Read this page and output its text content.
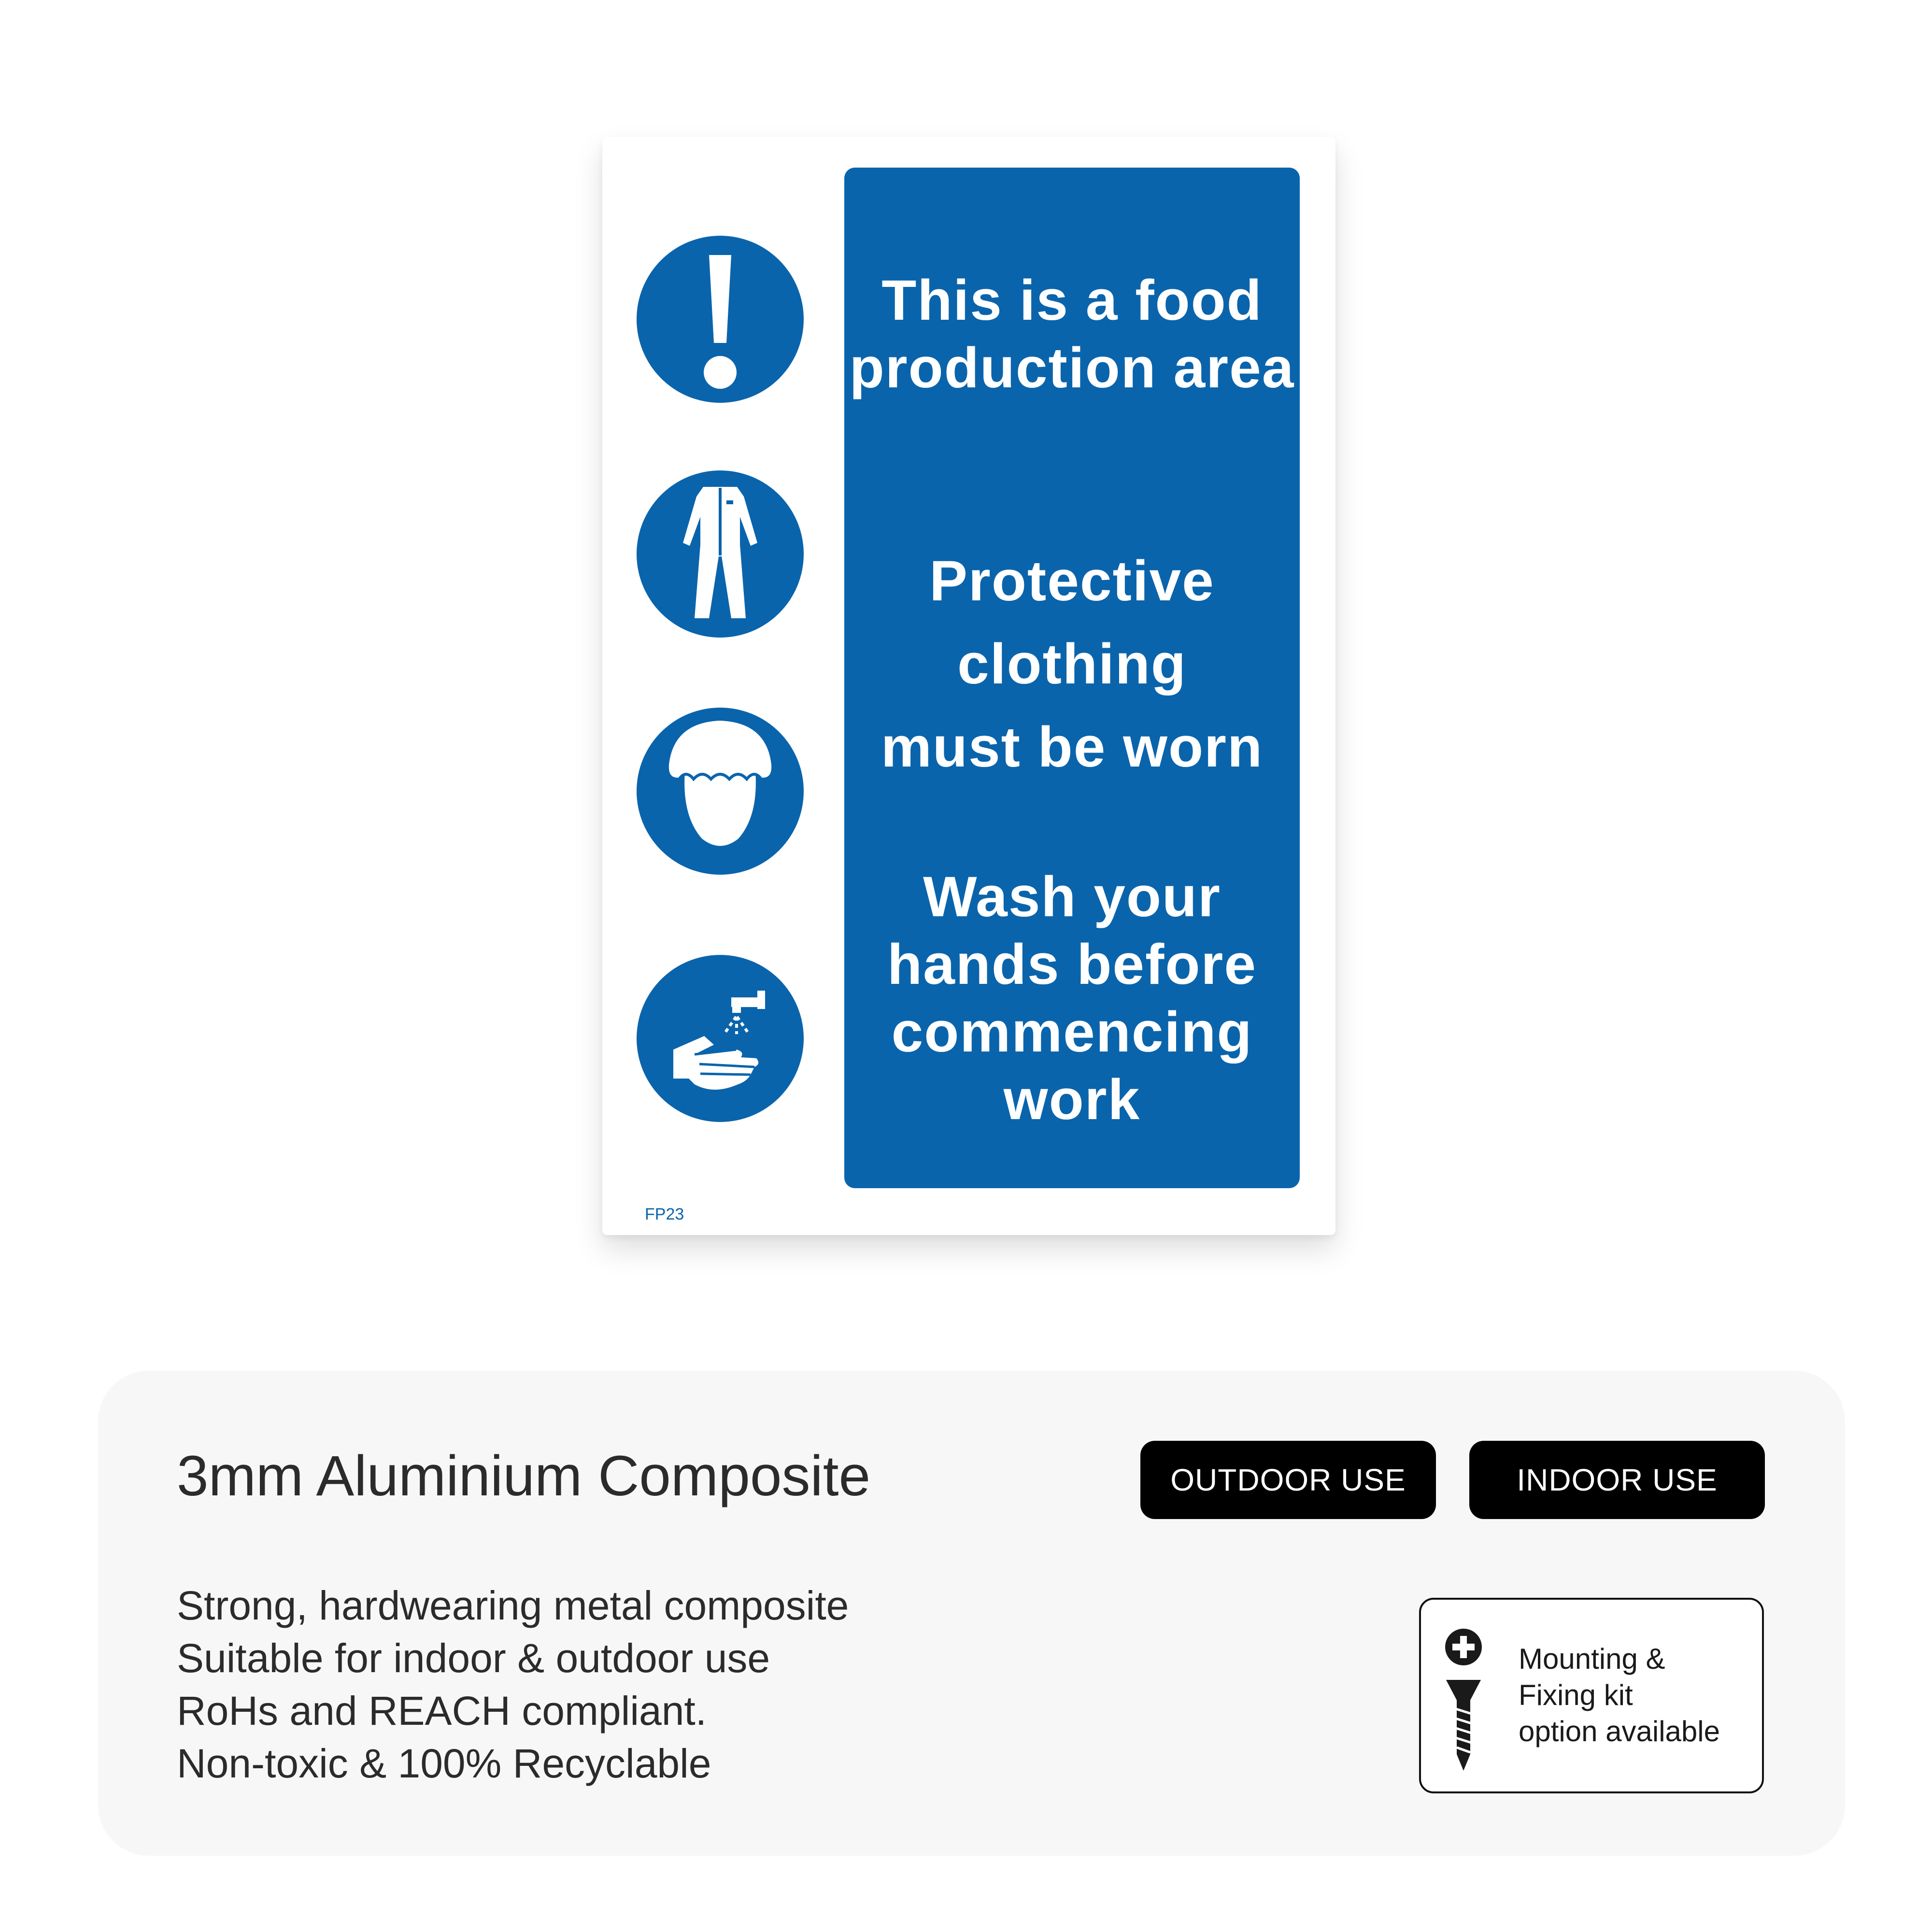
This is a food
production area

Protective
clothing
must be worn

Wash your
hands before
commencing
work

FP23
3mm Aluminium Composite	OUTDOOR USE	INDOOR USE
Strong, hardwearing metal composite
Suitable for indoor & outdoor use
RoHs and REACH compliant.
Non-toxic & 100% Recyclable

Mounting &
Fixing kit
option available
